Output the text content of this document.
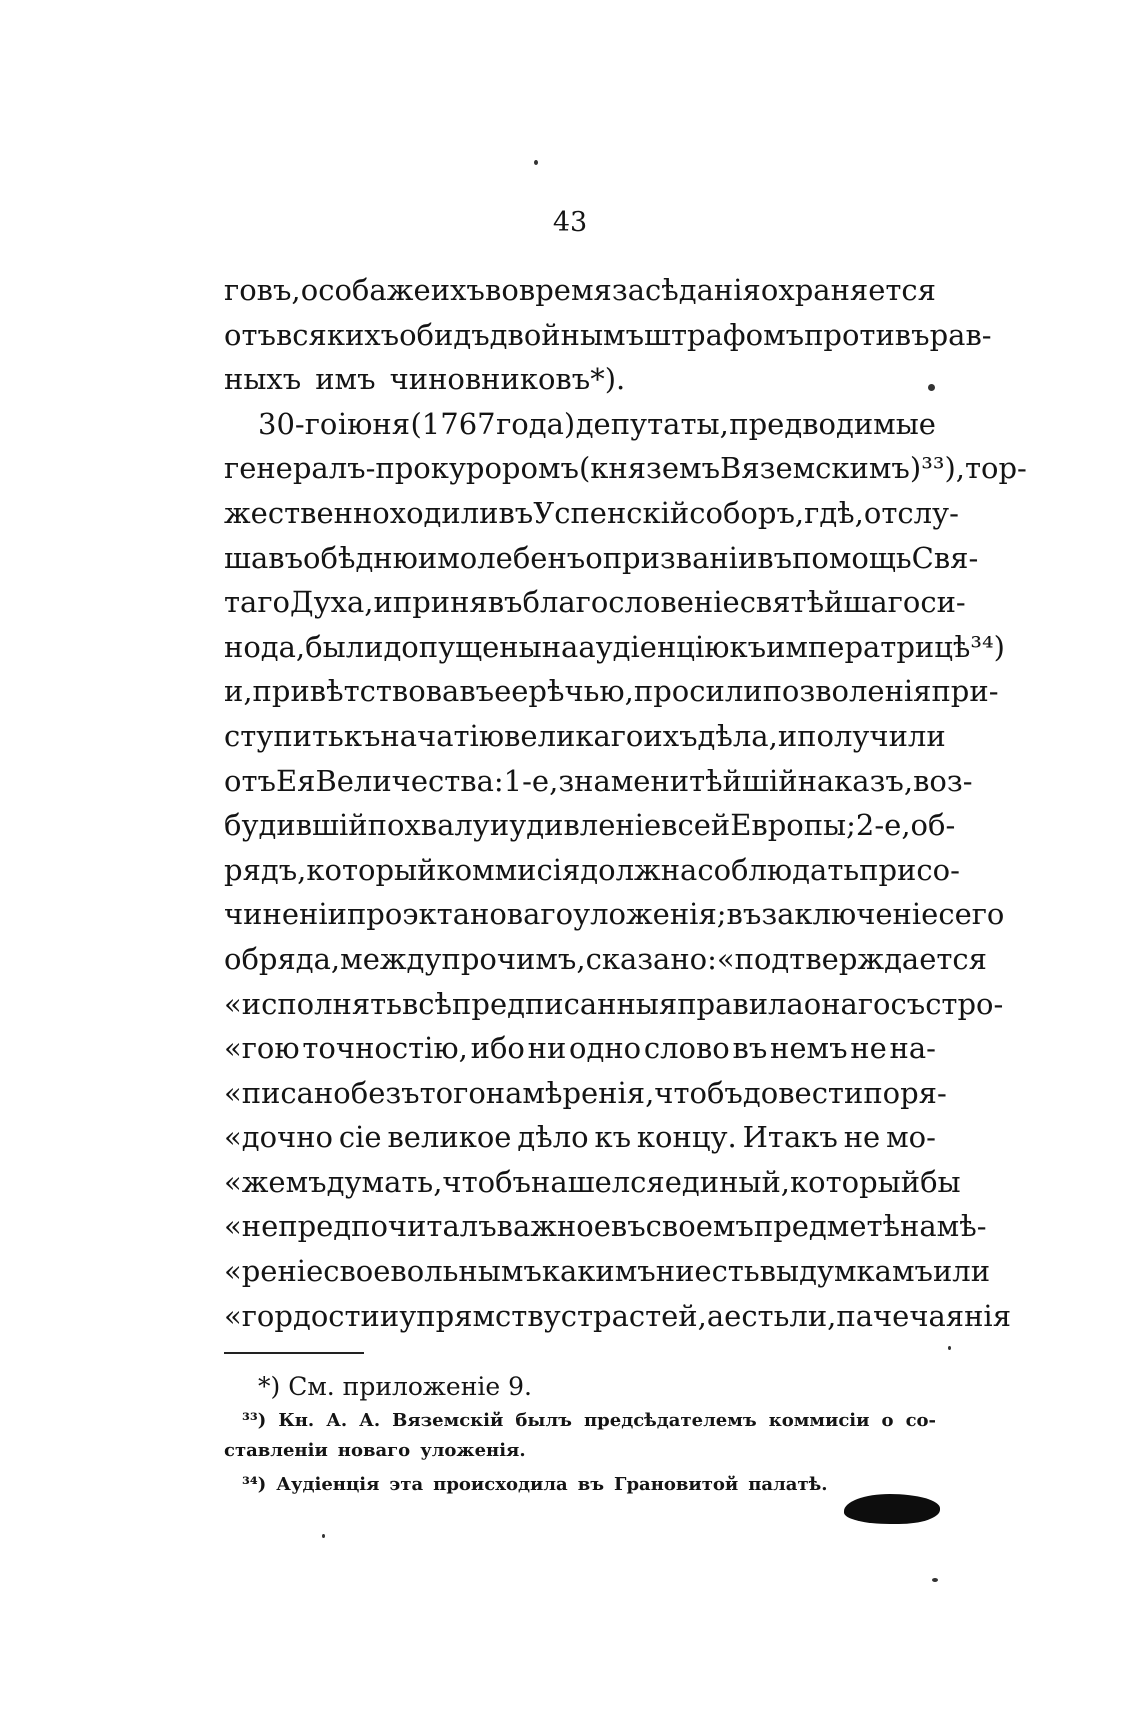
43
говъ, особа же ихъ во время засѣданія охраняется
отъ всякихъ обидъ двойнымъ штрафомъ противъ рав-
ныхъ имъ чиновниковъ*).
30-го іюня (1767 года) депутаты, предводимые
генералъ-прокуроромъ (княземъ Вяземскимъ)³³), тор-
жественно ходили въ Успенскій соборъ, гдѣ, отслу-
шавъ обѣдню и молебенъ о призваніи въ помощь Свя-
таго Духа, и принявъ благословеніе святѣйшаго си-
нода, были допущены на аудіенцію къ императрицѣ³⁴)
и, привѣтствовавъ ее рѣчью, просили позволенія при-
ступить къ начатію великаго ихъ дѣла, и получили
отъ Ея Величества: 1-е, знаменитѣйшій наказъ, воз-
будившій похвалу и удивленіе всей Европы; 2-е, об-
рядъ, который коммисія должна соблюдать при со-
чиненіи проэкта новаго уложенія; въ заключеніе сего
обряда, между прочимъ, сказано: «подтверждается
«исполнять всѣ предписанныя правила онаго съ стро-
«гою точностію, ибо ни одно слово въ немъ не на-
«писано безъ того намѣренія, чтобъ довести поря-
«дочно сіе великое дѣло къ концу. Итакъ не мо-
«жемъ думать, чтобъ нашелся единый, который бы
«не предпочиталъ важное въ своемъ предметѣ намѣ-
«реніе своевольнымъ какимъ ни есть выдумкамъ или
«гордости и упрямству страстей, а естьли, паче чаянія
*) См. приложеніе 9.
³³) Кн. А. А. Вяземскій былъ предсѣдателемъ коммисіи о со-
ставленіи новаго уложенія.
³⁴) Аудіенція эта происходила въ Грановитой палатѣ.
